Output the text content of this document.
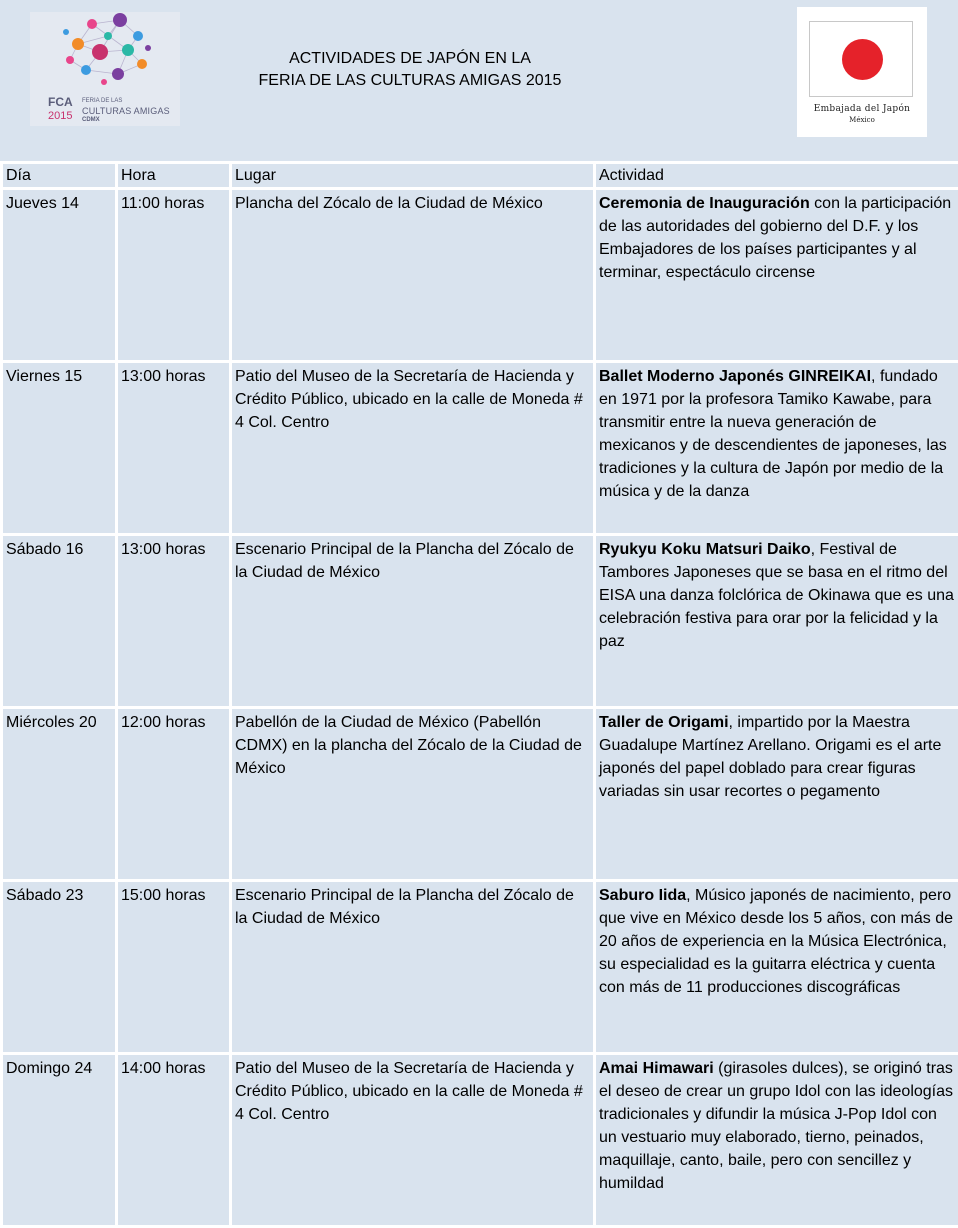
FCA
2015
FERIA DE LAS
CULTURAS AMIGAS
CDMX
ACTIVIDADES DE JAPÓN EN LA
FERIA DE LAS CULTURAS AMIGAS 2015
Embajada del Japón
México
Día	Hora	Lugar	Actividad
Jueves 14	11:00 horas	Plancha del Zócalo de la Ciudad de México	Ceremonia de Inauguración con la participación de las autoridades del gobierno del D.F. y los Embajadores de los países participantes y al terminar, espectáculo circense
Viernes 15	13:00 horas	Patio del Museo de la Secretaría de Hacienda y Crédito Público, ubicado en la calle de Moneda # 4 Col. Centro	Ballet Moderno Japonés GINREIKAI, fundado en 1971 por la profesora Tamiko Kawabe, para transmitir entre la nueva generación de mexicanos y de descendientes de japoneses, las tradiciones y la cultura de Japón por medio de la música y de la danza
Sábado 16	13:00 horas	Escenario Principal de la Plancha del Zócalo de la Ciudad de México	Ryukyu Koku Matsuri Daiko, Festival de Tambores Japoneses que se basa en el ritmo del EISA una danza folclórica de Okinawa que es una celebración festiva para orar por la felicidad y la paz
Miércoles 20	12:00 horas	Pabellón de la Ciudad de México (Pabellón CDMX) en la plancha del Zócalo de la Ciudad de México	Taller de Origami, impartido por la Maestra Guadalupe Martínez Arellano. Origami es el arte japonés del papel doblado para crear figuras variadas sin usar recortes o pegamento
Sábado 23	15:00 horas	Escenario Principal de la Plancha del Zócalo de la Ciudad de México	Saburo Iida, Músico japonés de nacimiento, pero que vive en México desde los 5 años, con más de 20 años de experiencia en la Música Electrónica, su especialidad es la guitarra eléctrica y cuenta con más de 11 producciones discográficas
Domingo 24	14:00 horas	Patio del Museo de la Secretaría de Hacienda y Crédito Público, ubicado en la calle de Moneda # 4 Col. Centro	Amai Himawari (girasoles dulces), se originó tras el deseo de crear un grupo Idol con las ideologías tradicionales y difundir la música J-Pop Idol con un vestuario muy elaborado, tierno, peinados, maquillaje, canto, baile, pero con sencillez y humildad
